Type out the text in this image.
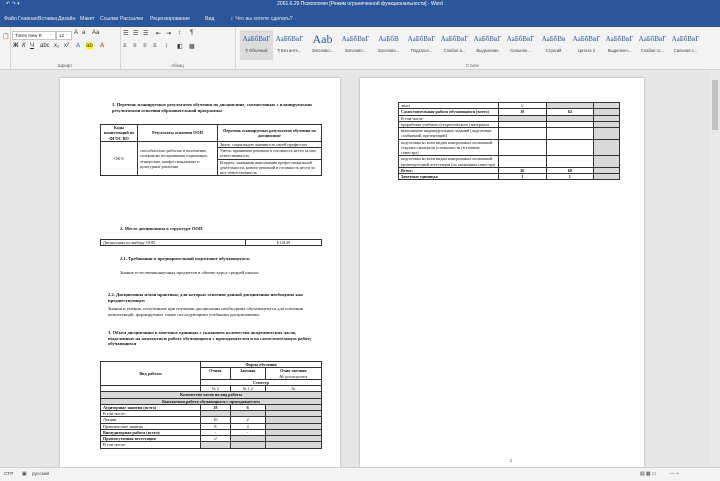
↶ ↷ ▾	2061.6.29 Психология [Режим ограниченной функциональности] - Word
Файл Главная Вставка Дизайн Макет Ссылки Рассылки Рецензирование	Вид	♀ Что вы хотите сделать?
📋	Times New R	12	A a Aa
Ж К Ч abc x₂ x² A ab A
Шрифт
☰ ☰ ☰ ⇤ ⇥ ↕ ¶
≡ ≡ ≡ ≡ ↕ ◧ ▦
Абзац
АаБбВвГ
¶ Обычный
АаБбВвГ
¶ Без инте...
Aab
Заголово...
АаБбВвГ
Заголово...
АаБбВ
Заголово...
АаБбВвГ
Подзагол...
АаБбВвГ
Слабое в...
АаБбВвГ
Выделение
АаБбВвГ
Сильное...
АаБбВв
Строгий
АаБбВвГ
Цитата 2
АаБбВвГ
Выделенн...
АаБбВвГ
Слабая сс...
АаБбВвГ
Сильная с...
Стили
1. Перечень планируемых результатов обучения по дисциплине, соотнесенных с планируемыми результатами освоения образовательной программы
Коды компетенций по ФГОС ВО	Результаты освоения ООП	Перечень планируемых результатов обучения по дисциплине
ОК-6	способностью работать в коллективе, толерантно воспринимая социальные, этнические, конфессиональные и культурные различия	Знать: социальную значимость своей профессии
		Уметь: принимать решения и готовность нести за них ответственность
		Владеть: навыками выполнения профессиональной деятельности, нового решений и готовность нести за них ответственность
2. Место дисциплины в структуре ООП
Дисциплина по выбору ООП	Б1.В.29
2.1. Требования к предварительной подготовке обучающегося:
Знание естественнонаучных предметов в объеме курса средней школы
2.2. Дисциплины и/или практики, для которых освоение данной дисциплины необходимо как предшествующее:
Знания и умения, полученные при изучении дисциплины необходимы обучающемуся для освоения компетенций, формируемых также последующими учебными дисциплинами.
3. Объем дисциплины в зачетных единицах с указанием количества академических часов, выделенных на контактную работу обучающихся с преподавателем и на самостоятельную работу обучающихся
Вид работы	Форма обучения		
	Очная	Заочная	Очно-заочная
Не реализуется
	Семестр		
	№ 2	№ 1,2	№
Количество часов на вид работы			
Контактная работа обучающихся с преподавателем			
Аудиторные занятия (всего)	18	6	
В том числе:			
Лекции	10	2	
Практические занятия	8	4	
Внеаудиторная работа (всего):	-	-	
Промежуточная аттестация	0		
В том числе:			
зачет	0		
Самостоятельная работа обучающихся (всего)	18	62	
В том числе:			
проработка учебного (теоретического) материала			
выполнение индивидуальных заданий (подготовка сообщений, презентаций)			
подготовка ко всем видам контрольных испытаний текущего контроля успеваемости (в течение семестра)			
подготовка ко всем видам контрольных испытаний промежуточной аттестации (по окончании семестра)			
Всего:	36	68	
Зачетные единицы:	1	1	
2
СТР ▣ русский	▤ ▦ ▭	— +
